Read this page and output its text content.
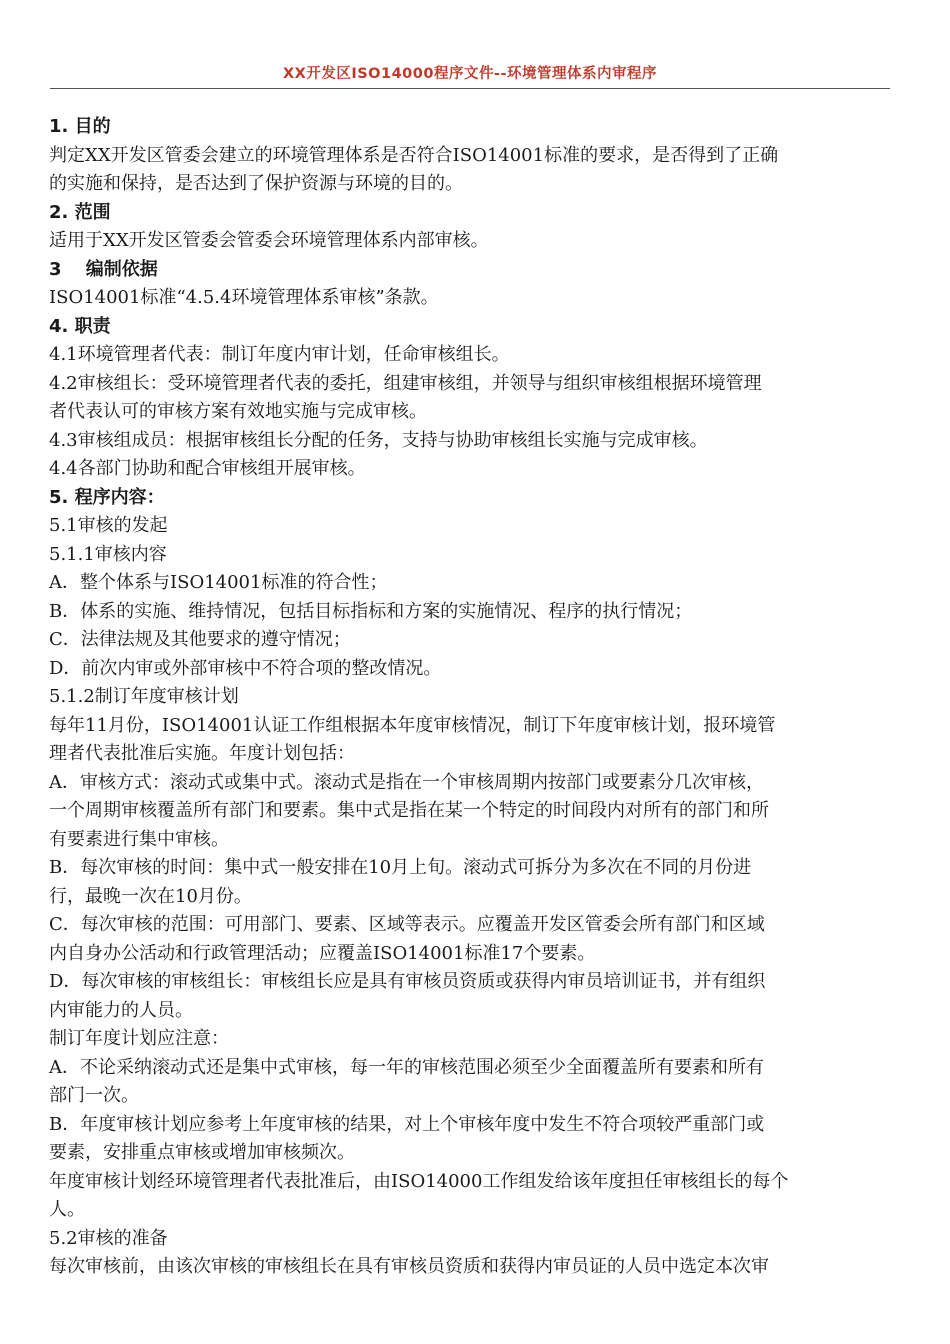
XX开发区ISO14000程序文件--环境管理体系内审程序
1. 目的
判定XX开发区管委会建立的环境管理体系是否符合ISO14001标准的要求，是否得到了正确
的实施和保持，是否达到了保护资源与环境的目的。
2. 范围
适用于XX开发区管委会管委会环境管理体系内部审核。
3　 编制依据
ISO14001标准“4.5.4环境管理体系审核”条款。
4. 职责
4.1环境管理者代表：制订年度内审计划，任命审核组长。
4.2审核组长：受环境管理者代表的委托，组建审核组，并领导与组织审核组根据环境管理
者代表认可的审核方案有效地实施与完成审核。
4.3审核组成员：根据审核组长分配的任务，支持与协助审核组长实施与完成审核。
4.4各部门协助和配合审核组开展审核。
5. 程序内容：
5.1审核的发起
5.1.1审核内容
A．整个体系与ISO14001标准的符合性；
B．体系的实施、维持情况，包括目标指标和方案的实施情况、程序的执行情况；
C．法律法规及其他要求的遵守情况；
D．前次内审或外部审核中不符合项的整改情况。
5.1.2制订年度审核计划
每年11月份，ISO14001认证工作组根据本年度审核情况，制订下年度审核计划，报环境管
理者代表批准后实施。年度计划包括：
A．审核方式：滚动式或集中式。滚动式是指在一个审核周期内按部门或要素分几次审核，
一个周期审核覆盖所有部门和要素。集中式是指在某一个特定的时间段内对所有的部门和所
有要素进行集中审核。
B．每次审核的时间：集中式一般安排在10月上旬。滚动式可拆分为多次在不同的月份进
行，最晚一次在10月份。
C．每次审核的范围：可用部门、要素、区域等表示。应覆盖开发区管委会所有部门和区域
内自身办公活动和行政管理活动；应覆盖ISO14001标准17个要素。
D．每次审核的审核组长：审核组长应是具有审核员资质或获得内审员培训证书，并有组织
内审能力的人员。
制订年度计划应注意：
A．不论采纳滚动式还是集中式审核，每一年的审核范围必须至少全面覆盖所有要素和所有
部门一次。
B．年度审核计划应参考上年度审核的结果，对上个审核年度中发生不符合项较严重部门或
要素，安排重点审核或增加审核频次。
年度审核计划经环境管理者代表批准后，由ISO14000工作组发给该年度担任审核组长的每个
人。
5.2审核的准备
每次审核前，由该次审核的审核组长在具有审核员资质和获得内审员证的人员中选定本次审
